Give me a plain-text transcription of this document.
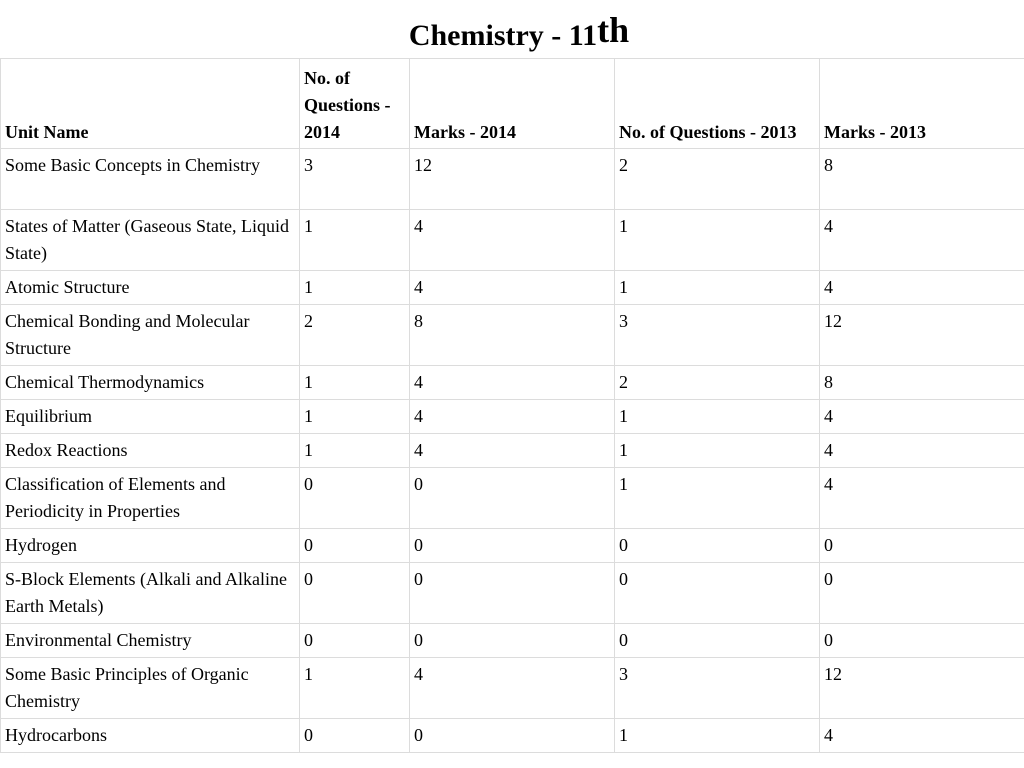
Chemistry - 11th
Unit Name	No. of Questions - 2014	Marks - 2014	No. of Questions - 2013	Marks - 2013
Some Basic Concepts in Chemistry	3	12	2	8
States of Matter (Gaseous State, Liquid State)	1	4	1	4
Atomic Structure	1	4	1	4
Chemical Bonding and Molecular Structure	2	8	3	12
Chemical Thermodynamics	1	4	2	8
Equilibrium	1	4	1	4
Redox Reactions	1	4	1	4
Classification of Elements and Periodicity in Properties	0	0	1	4
Hydrogen	0	0	0	0
S-Block Elements (Alkali and Alkaline Earth Metals)	0	0	0	0
Environmental Chemistry	0	0	0	0
Some Basic Principles of Organic Chemistry	1	4	3	12
Hydrocarbons	0	0	1	4
